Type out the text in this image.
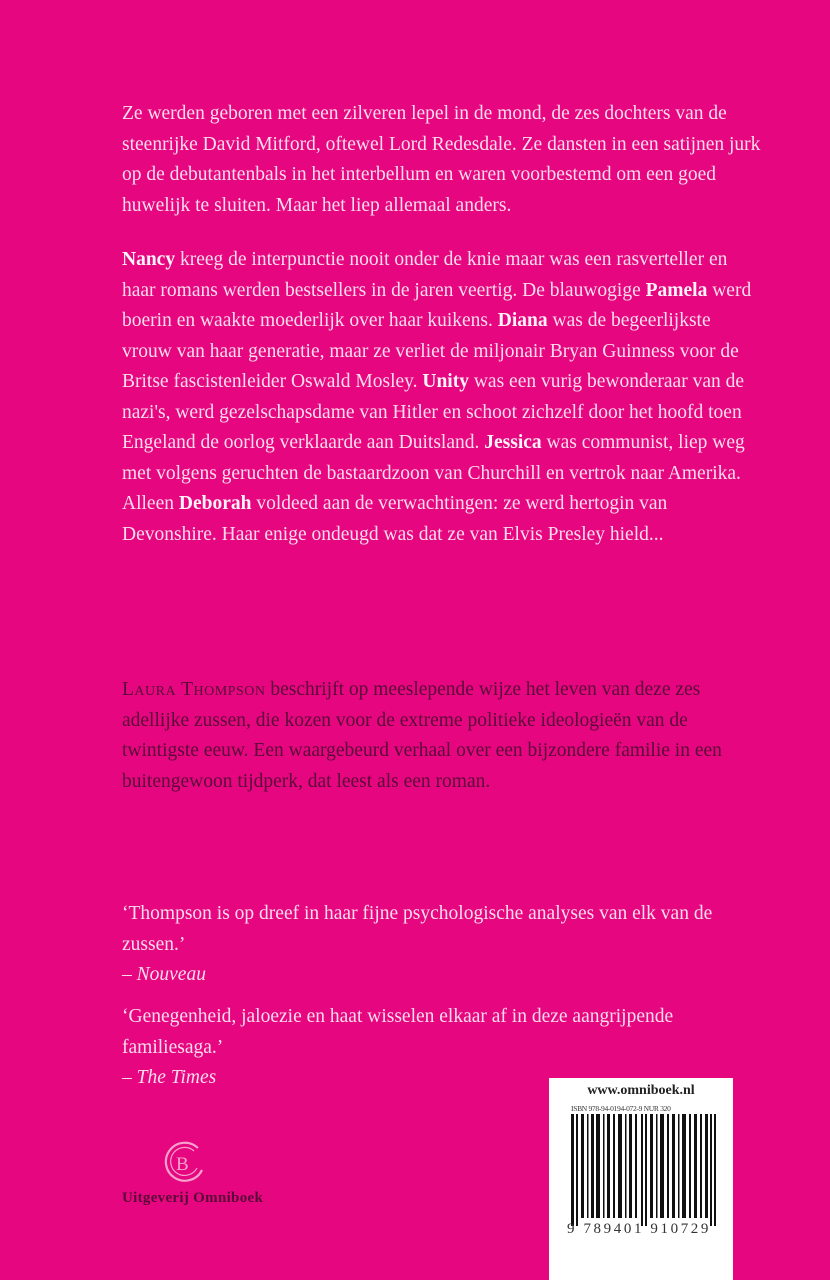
Ze werden geboren met een zilveren lepel in de mond, de zes dochters van de steenrijke David Mitford, oftewel Lord Redesdale. Ze dansten in een satijnen jurk op de debutantenbals in het interbellum en waren voorbestemd om een goed huwelijk te sluiten. Maar het liep allemaal anders.

Nancy kreeg de interpunctie nooit onder de knie maar was een rasverteller en haar romans werden bestsellers in de jaren veertig. De blauwogige Pamela werd boerin en waakte moederlijk over haar kuikens. Diana was de begeerlijkste vrouw van haar generatie, maar ze verliet de miljonair Bryan Guinness voor de Britse fascistenleider Oswald Mosley. Unity was een vurig bewonderaar van de nazi's, werd gezelschapsdame van Hitler en schoot zichzelf door het hoofd toen Engeland de oorlog verklaarde aan Duitsland. Jessica was communist, liep weg met volgens geruchten de bastaardzoon van Churchill en vertrok naar Amerika. Alleen Deborah voldeed aan de verwachtingen: ze werd hertogin van Devonshire. Haar enige ondeugd was dat ze van Elvis Presley hield...

Laura Thompson beschrijft op meeslepende wijze het leven van deze zes adellijke zussen, die kozen voor de extreme politieke ideologieën van de twintigste eeuw. Een waargebeurd verhaal over een bijzondere familie in een buitengewoon tijdperk, dat leest als een roman.

‘Thompson is op dreef in haar fijne psychologische analyses van elk van de zussen.’

– Nouveau

‘Genegenheid, jaloezie en haat wisselen elkaar af in deze aangrijpende familiesaga.’

– The Times
B
Uitgeverij Omniboek
www.omniboek.nl
ISBN 978-94-0194-072-9 NUR 320
9 789401 910729
